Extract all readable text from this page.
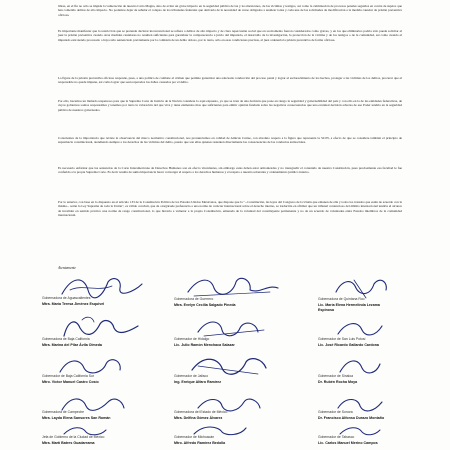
libres, en el fin no sólo se impide la vulneración de nuestra Carta Magna, sino de evitar un grave impacto en la seguridad pública de las y los mexicanos, de las víctimas y testigos, así como la culminación de procesos penales seguidos en contra de sujetos que han cometido delitos de alto impacto. No podemos dejar de señalar el colapso de los tribunales federales que derivaría de la necesidad de verse obligados a analizar todas y cada una de las solicitudes de modificación a la medida cautelar de prisión preventiva oficiosa.

Es importante manifestar que la restricción que se pretende declarar inconvencional se refiere a delitos de alto impacto y de clara repercusión social que en su momento fueron considerados como graves, y en los que eliminarlos podría sólo puede solicitar al juez la prisión preventiva cuando otras medidas cautelares no resulten suficientes para garantizar la comparecencia a juicio del imputado, el desarrollo de la investigación, la protección de la víctima y de los testigos o de la comunidad, así como cuando el imputado esté siendo procesado o haya sido sentenciado previamente por la comisión de un delito doloso, por lo tanto, sólo en esas condiciones precisas, el juez ordenaría la prisión preventiva de forma oficiosa.

La figura de la prisión preventiva oficiosa responde, pues, a una política de combate al crimen que permite garantizar una adecuada conducción del proceso penal y lograr el esclarecimiento de los hechos, proteger a las víctimas de los delitos, procurar que el responsable no quede impune, así como lograr que sean reparados los daños causados por el delito.

Por ello, hacemos un llamado respetuoso para que la Suprema Corte de Justicia de la Nación considere lo aquí expuesto, ya que se trata de una decisión que pone en riesgo la seguridad y gobernabilidad del país y con ello en la de las entidades federativas, de cuyos gobiernos somos responsables y tenemos por tanto la valoración del que vive y tiene elementos mas que suficientes para emitir opinión fundada sobre las negativas consecuencias que una eventual decisión adversa de ese Poder tendría en la seguridad pública de nuestros gobernados.

Conscientes de la importancia que reviste la observancia del marco normativo constitucional, nos pronunciamos en calidad de Amicus Curiae, con absoluto respeto a la figura que representa la SCJN, a efecto de que se considere también el principio de supremacía constitucional, atendiendo siempre a los derechos de las víctimas del delito, puesto que son ellas quienes resienten directamente las consecuencias de las conductas antisociales.

Es necesario enfatizar que las sentencias de la Corte Interamericana de Derechos Humanos son en efecto vinculantes, sin embargo estas deben estar armonizadas y no transgredir el contenido de nuestra Constitución, pues precisamente esa facultad le fue conferida a la propia Suprema Corte. Es decir resulta de suma importancia hacer converger el respeto a los derechos humanos y el respeto a nuestra soberanía y ordenamiento jurídico interno.

Por lo anterior, con base en lo dispuesto en el artículo 133 de la Constitución Política de los Estados Unidos Mexicanos, que dispone que la "...Constitución, las leyes del Congreso de la Unión que emanen de ella y todos los tratados que estén de acuerdo con la misma... serán la Ley Suprema de toda la Unión", es válido concluir, que de otorgársele preferencia a una norma de carácter internacional sobre el derecho interno, se traduciría en afirmar que un tribunal contencioso del ámbito internacional tendría el alcance de invalidar en sentido práctico una norma de rango constitucional, lo que llevaría a vulnerar a la propia Constitución, emanada de la voluntad del constituyente permanente y no de un acuerdo de voluntades entre Estados miembros de la comunidad internacional.

Atentamente
Gobernadora de Aguascalientes
Mtra. María Teresa Jiménez Esquivel
Gobernadora de Guerrero
Mtra. Evelyn Cecilia Salgado Pineda
Gobernadora de Quintana Roo
Lic. María Elena Hermelinda Lezama
Espinosa
Gobernadora de Baja California
Mtra. Marina del Pilar Ávila Olmeda
Gobernador de Hidalgo
Lic. Julio Ramón Menchaca Salazar
Gobernador de San Luis Potosí
Lic. José Ricardo Gallardo Cardona
Gobernador de Baja California Sur
Mtro. Víctor Manuel Castro Cosío
Gobernador de Jalisco
Ing. Enrique Alfaro Ramírez
Gobernador de Sinaloa
Dr. Rubén Rocha Moya
Gobernadora de Campeche
Mtra. Layda Elena Sansores San Román
Gobernadora del Estado de México
Mtra. Delfina Gómez Álvarez
Gobernador de Sonora
Dr. Francisco Alfonso Durazo Montaño
Jefa de Gobierno de la Ciudad de México
Mtra. Martí Batres Guadarrama
Gobernador de Michoacán
Mtro. Alfredo Ramírez Bedolla
Gobernador de Tabasco
Lic. Carlos Manuel Merino Campos
